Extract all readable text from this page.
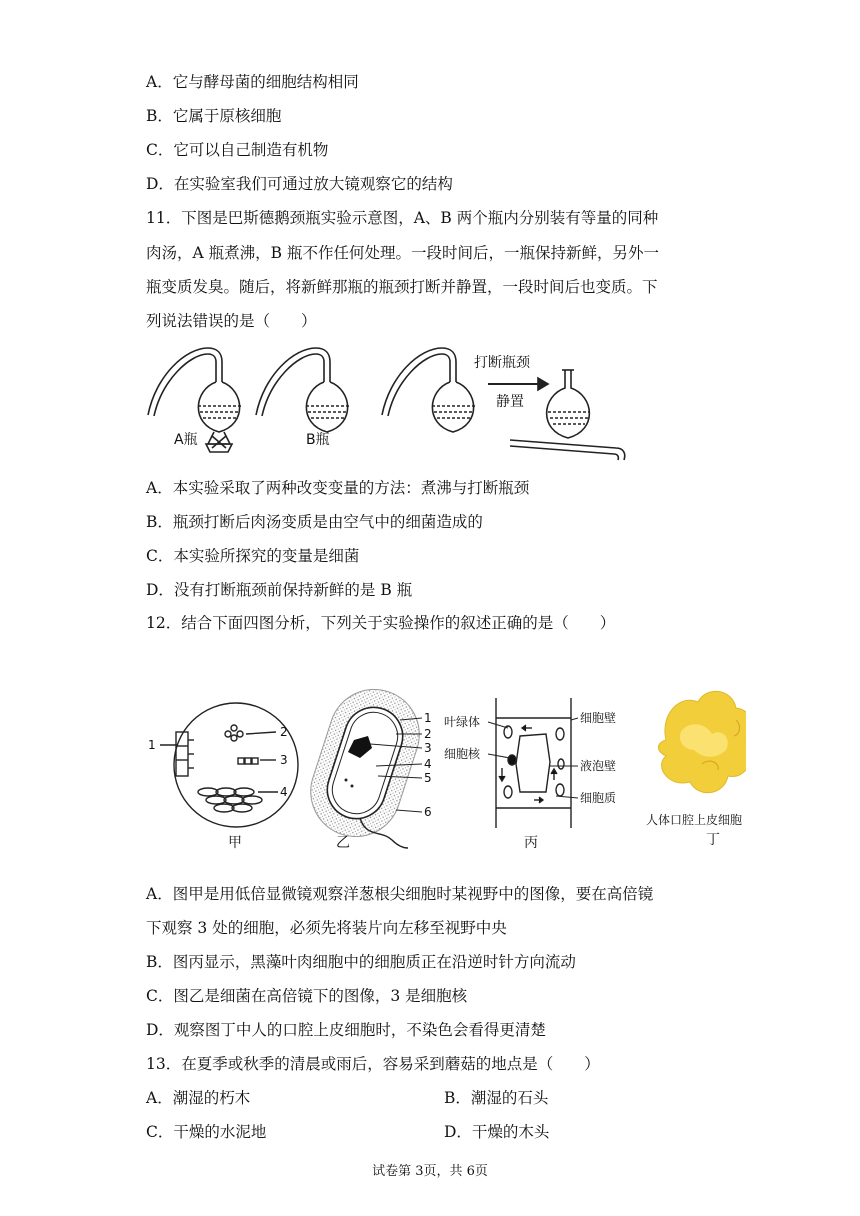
A．它与酵母菌的细胞结构相同
B．它属于原核细胞
C．它可以自己制造有机物
D．在实验室我们可通过放大镜观察它的结构
11．下图是巴斯德鹅颈瓶实验示意图，A、B 两个瓶内分别装有等量的同种
肉汤，A 瓶煮沸，B 瓶不作任何处理。一段时间后，一瓶保持新鲜，另外一
瓶变质发臭。随后，将新鲜那瓶的瓶颈打断并静置，一段时间后也变质。下
列说法错误的是（　　）
A瓶	B瓶
打断瓶颈
静置
A．本实验采取了两种改变变量的方法：煮沸与打断瓶颈
B．瓶颈打断后肉汤变质是由空气中的细菌造成的
C．本实验所探究的变量是细菌
D．没有打断瓶颈前保持新鲜的是 B 瓶
12．结合下面四图分析，下列关于实验操作的叙述正确的是（　　）
1
2
3
4
甲
1
2
3
4
5
6
乙
叶绿体
细胞核
细胞壁
液泡壁
细胞质
丙
人体口腔上皮细胞
丁
A．图甲是用低倍显微镜观察洋葱根尖细胞时某视野中的图像，要在高倍镜
下观察 3 处的细胞，必须先将装片向左移至视野中央
B．图丙显示，黑藻叶肉细胞中的细胞质正在沿逆时针方向流动
C．图乙是细菌在高倍镜下的图像，3 是细胞核
D．观察图丁中人的口腔上皮细胞时，不染色会看得更清楚
13．在夏季或秋季的清晨或雨后，容易采到蘑菇的地点是（　　）
A．潮湿的朽木	B．潮湿的石头
C．干燥的水泥地	D．干燥的木头
试卷第 3页，共 6页
